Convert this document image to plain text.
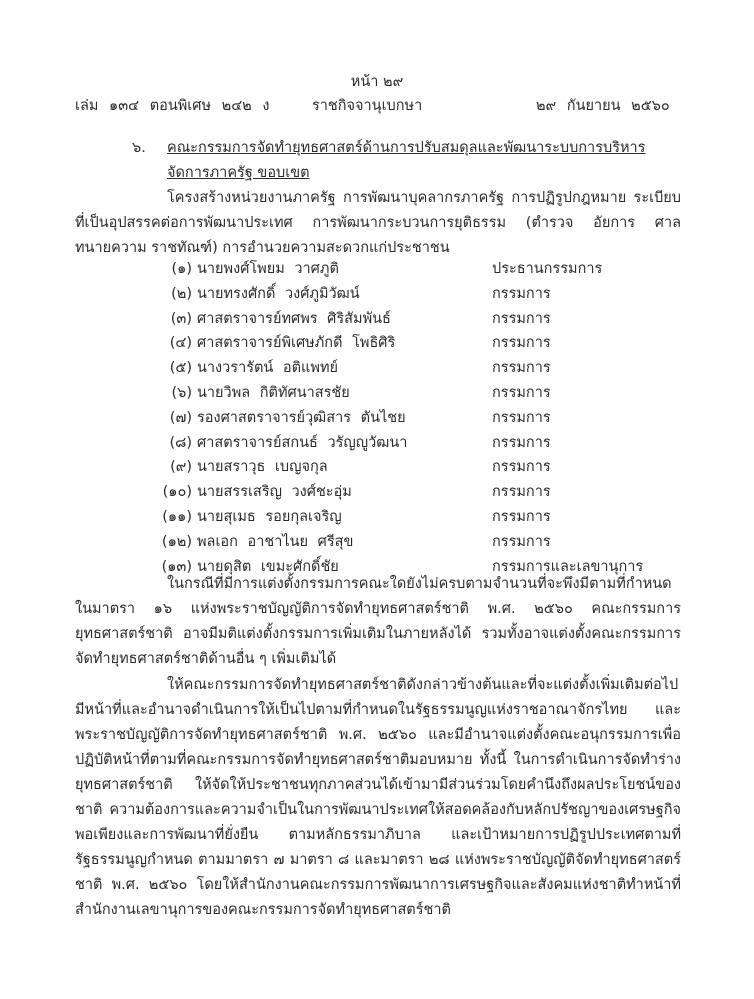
หน้า ๒๙
เล่ม ๑๓๔ ตอนพิเศษ ๒๔๒ ง	ราชกิจจานุเบกษา	๒๙ กันยายน ๒๕๖๐
๖. คณะกรรมการจัดทำยุทธศาสตร์ด้านการปรับสมดุลและพัฒนาระบบการบริหารจัดการภาครัฐ ขอบเขต
โครงสร้างหน่วยงานภาครัฐ การพัฒนาบุคลากรภาครัฐ การปฏิรูปกฎหมาย ระเบียบที่เป็นอุปสรรคต่อการพัฒนาประเทศ การพัฒนากระบวนการยุติธรรม (ตำรวจ อัยการ ศาล ทนายความ ราชทัณฑ์) การอำนวยความสะดวกแก่ประชาชน
(๑) นายพงศ์โพยม วาศภูติ	ประธานกรรมการ
(๒) นายทรงศักดิ์ วงศ์ภูมิวัฒน์	กรรมการ
(๓) ศาสตราจารย์ทศพร ศิริสัมพันธ์	กรรมการ
(๔) ศาสตราจารย์พิเศษภักดี โพธิศิริ	กรรมการ
(๕) นางวรารัตน์ อติแพทย์	กรรมการ
(๖) นายวิพล กิติทัศนาสรชัย	กรรมการ
(๗) รองศาสตราจารย์วุฒิสาร ตันไชย	กรรมการ
(๘) ศาสตราจารย์สกนธ์ วรัญญูวัฒนา	กรรมการ
(๙) นายสราวุธ เบญจกุล	กรรมการ
(๑๐) นายสรรเสริญ วงศ์ชะอุ่ม	กรรมการ
(๑๑) นายสุเมธ รอยกุลเจริญ	กรรมการ
(๑๒) พลเอก อาชาไนย ศรีสุข	กรรมการ
(๑๓) นายดุสิต เขมะศักดิ์ชัย	กรรมการและเลขานุการ
ในกรณีที่มีการแต่งตั้งกรรมการคณะใดยังไม่ครบตามจำนวนที่จะพึงมีตามที่กำหนดในมาตรา ๑๖ แห่งพระราชบัญญัติการจัดทำยุทธศาสตร์ชาติ พ.ศ. ๒๕๖๐ คณะกรรมการยุทธศาสตร์ชาติ อาจมีมติแต่งตั้งกรรมการเพิ่มเติมในภายหลังได้ รวมทั้งอาจแต่งตั้งคณะกรรมการจัดทำยุทธศาสตร์ชาติด้านอื่น ๆ เพิ่มเติมได้
ให้คณะกรรมการจัดทำยุทธศาสตร์ชาติดังกล่าวข้างต้นและที่จะแต่งตั้งเพิ่มเติมต่อไป มีหน้าที่และอำนาจดำเนินการให้เป็นไปตามที่กำหนดในรัฐธรรมนูญแห่งราชอาณาจักรไทย และพระราชบัญญัติการจัดทำยุทธศาสตร์ชาติ พ.ศ. ๒๕๖๐ และมีอำนาจแต่งตั้งคณะอนุกรรมการเพื่อปฏิบัติหน้าที่ตามที่คณะกรรมการจัดทำยุทธศาสตร์ชาติมอบหมาย ทั้งนี้ ในการดำเนินการจัดทำร่างยุทธศาสตร์ชาติ ให้จัดให้ประชาชนทุกภาคส่วนได้เข้ามามีส่วนร่วมโดยคำนึงถึงผลประโยชน์ของชาติ ความต้องการและความจำเป็นในการพัฒนาประเทศให้สอดคล้องกับหลักปรัชญาของเศรษฐกิจพอเพียงและการพัฒนาที่ยั่งยืน ตามหลักธรรมาภิบาล และเป้าหมายการปฏิรูปประเทศตามที่รัฐธรรมนูญกำหนด ตามมาตรา ๗ มาตรา ๘ และมาตรา ๒๘ แห่งพระราชบัญญัติจัดทำยุทธศาสตร์ชาติ พ.ศ. ๒๕๖๐ โดยให้สำนักงานคณะกรรมการพัฒนาการเศรษฐกิจและสังคมแห่งชาติทำหน้าที่สำนักงานเลขานุการของคณะกรรมการจัดทำยุทธศาสตร์ชาติ
